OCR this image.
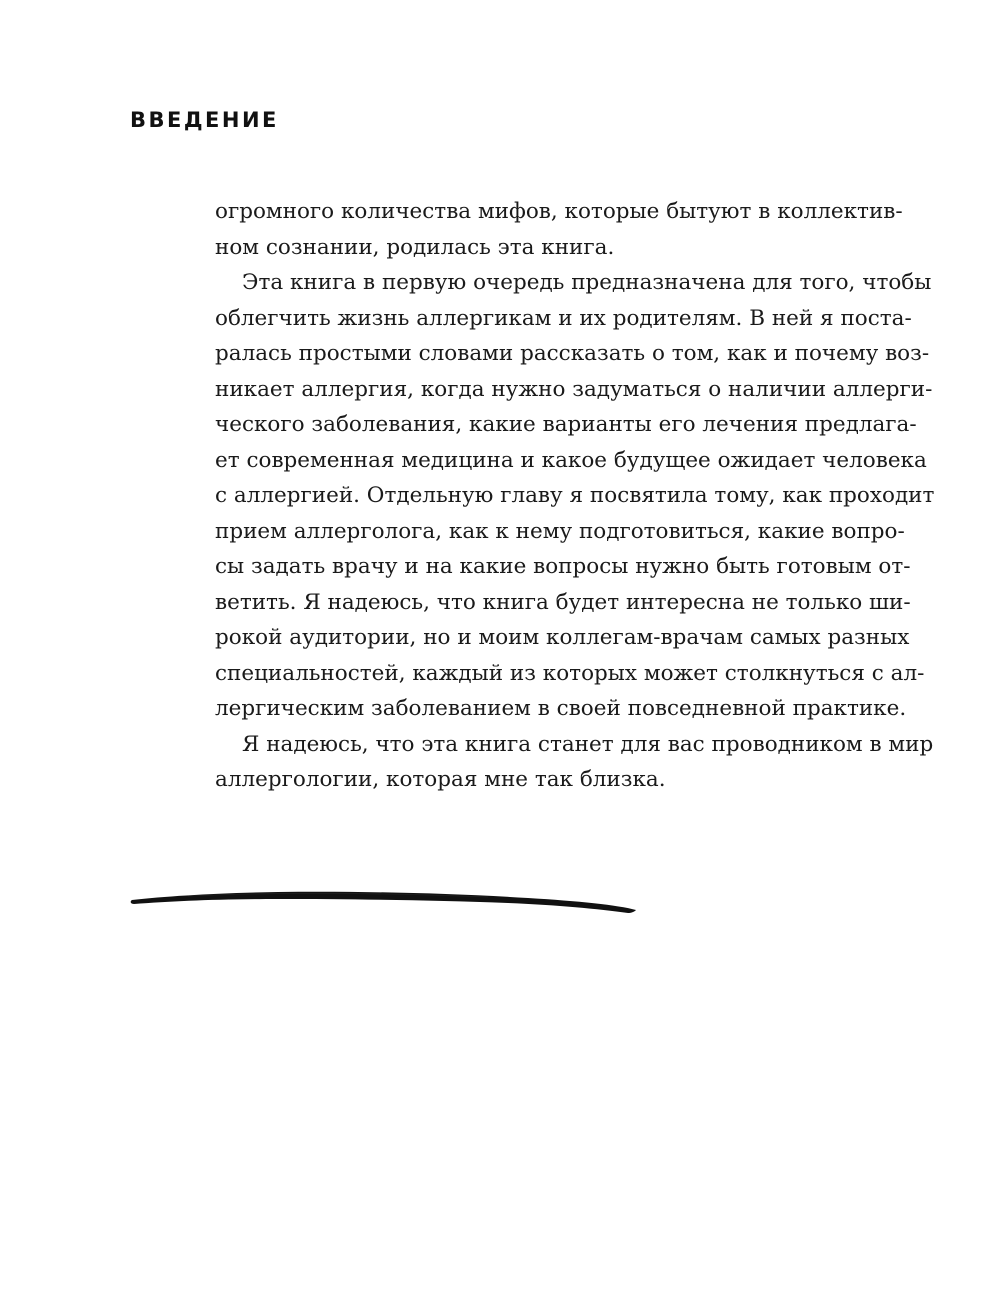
ВВЕДЕНИЕ

огромного количества мифов, которые бытуют в коллектив-
ном сознании, родилась эта книга.

Эта книга в первую очередь предназначена для того, чтобы
облегчить жизнь аллергикам и их родителям. В ней я поста-
ралась простыми словами рассказать о том, как и почему воз-
никает аллергия, когда нужно задуматься о наличии аллерги-
ческого заболевания, какие варианты его лечения предлага-
ет современная медицина и какое будущее ожидает человека
с аллергией. Отдельную главу я посвятила тому, как проходит
прием аллерголога, как к нему подготовиться, какие вопро-
сы задать врачу и на какие вопросы нужно быть готовым от-
ветить. Я надеюсь, что книга будет интересна не только ши-
рокой аудитории, но и моим коллегам-врачам самых разных
специальностей, каждый из которых может столкнуться с ал-
лергическим заболеванием в своей повседневной практике.

Я надеюсь, что эта книга станет для вас проводником в мир
аллергологии, которая мне так близка.
